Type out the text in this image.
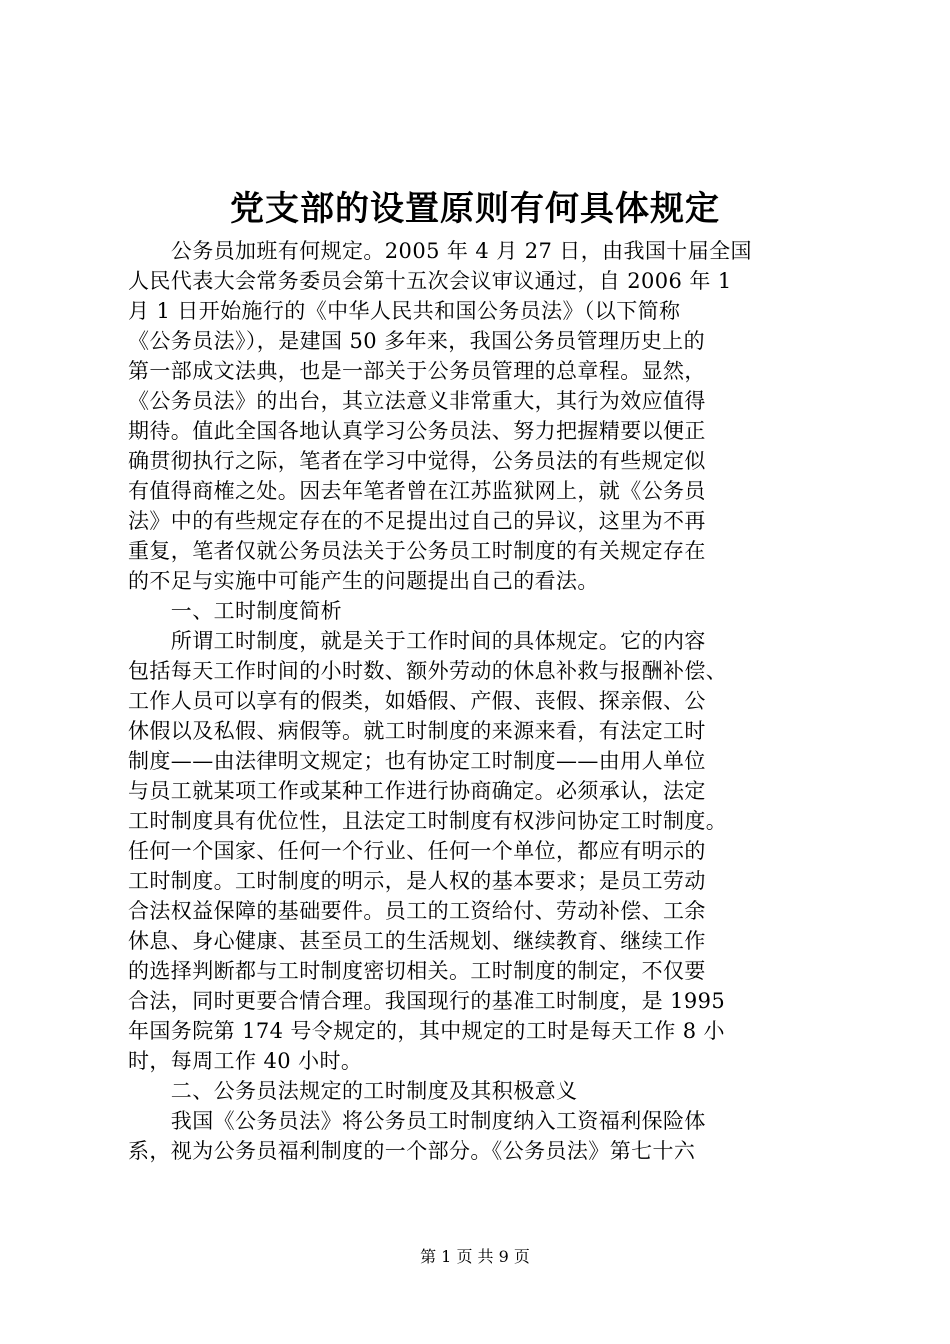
党支部的设置原则有何具体规定
　　公务员加班有何规定。2005 年 4 月 27 日，由我国十届全国
人民代表大会常务委员会第十五次会议审议通过，自 2006 年 1
月 1 日开始施行的《中华人民共和国公务员法》（以下简称
《公务员法》），是建国 50 多年来，我国公务员管理历史上的
第一部成文法典，也是一部关于公务员管理的总章程。显然，
《公务员法》的出台，其立法意义非常重大，其行为效应值得
期待。值此全国各地认真学习公务员法、努力把握精要以便正
确贯彻执行之际，笔者在学习中觉得，公务员法的有些规定似
有值得商榷之处。因去年笔者曾在江苏监狱网上，就《公务员
法》中的有些规定存在的不足提出过自己的异议，这里为不再
重复，笔者仅就公务员法关于公务员工时制度的有关规定存在
的不足与实施中可能产生的问题提出自己的看法。
　　一、工时制度简析
　　所谓工时制度，就是关于工作时间的具体规定。它的内容
包括每天工作时间的小时数、额外劳动的休息补救与报酬补偿、
工作人员可以享有的假类，如婚假、产假、丧假、探亲假、公
休假以及私假、病假等。就工时制度的来源来看，有法定工时
制度——由法律明文规定；也有协定工时制度——由用人单位
与员工就某项工作或某种工作进行协商确定。必须承认，法定
工时制度具有优位性，且法定工时制度有权涉问协定工时制度。
任何一个国家、任何一个行业、任何一个单位，都应有明示的
工时制度。工时制度的明示，是人权的基本要求；是员工劳动
合法权益保障的基础要件。员工的工资给付、劳动补偿、工余
休息、身心健康、甚至员工的生活规划、继续教育、继续工作
的选择判断都与工时制度密切相关。工时制度的制定，不仅要
合法，同时更要合情合理。我国现行的基准工时制度，是 1995
年国务院第 174 号令规定的，其中规定的工时是每天工作 8 小
时，每周工作 40 小时。
　　二、公务员法规定的工时制度及其积极意义
　　我国《公务员法》将公务员工时制度纳入工资福利保险体
系，视为公务员福利制度的一个部分。《公务员法》第七十六
第 1 页 共 9 页
